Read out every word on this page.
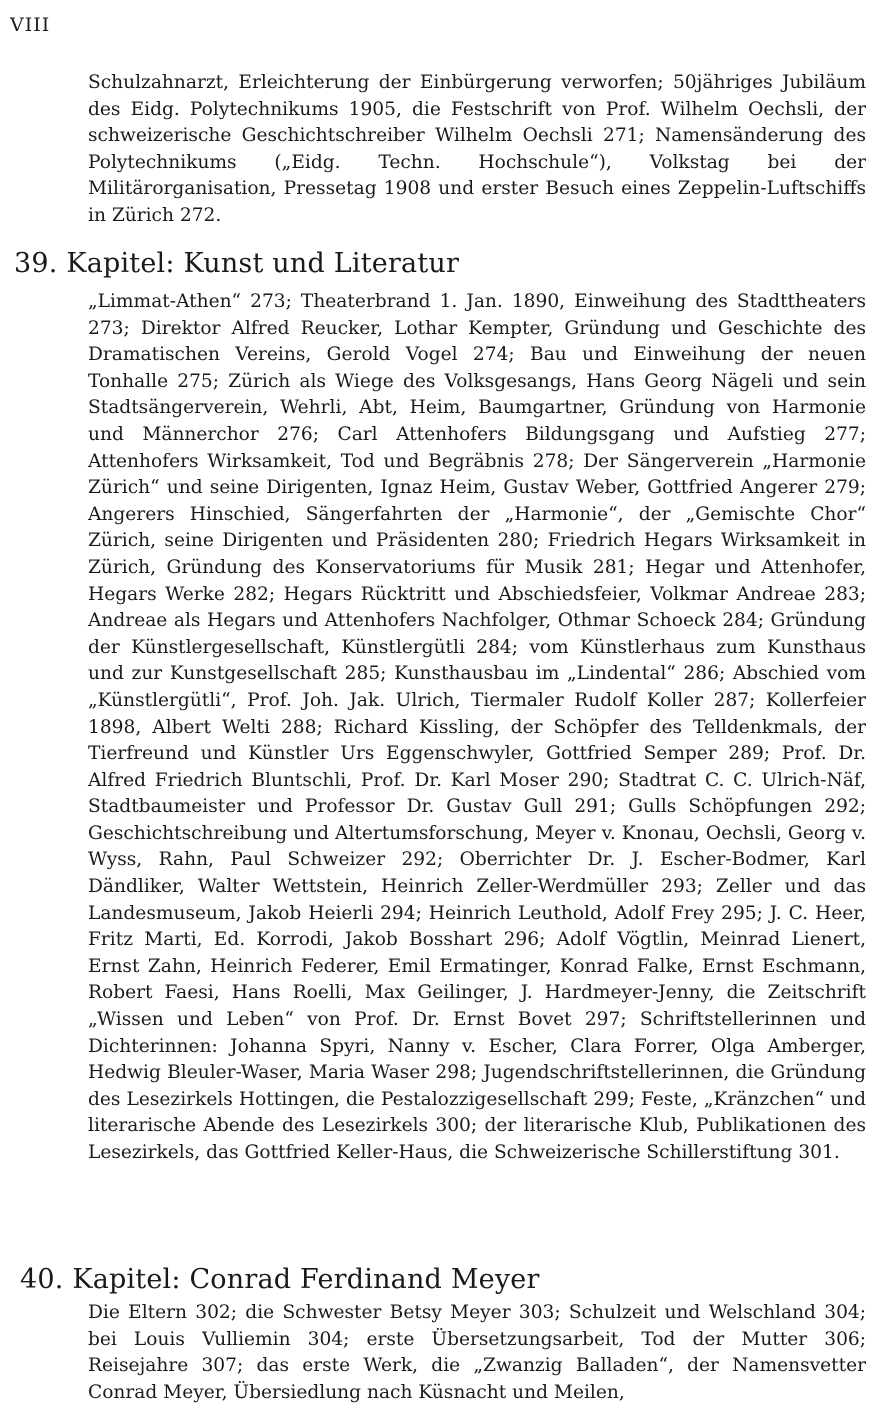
VIII

Schulzahnarzt, Erleichterung der Einbürgerung verworfen; 50jähriges Jubiläum des Eidg. Polytechnikums 1905, die Festschrift von Prof. Wilhelm Oechsli, der schweizerische Geschichtschreiber Wilhelm Oechsli 271; Namensänderung des Polytechnikums („Eidg. Techn. Hochschule“), Volkstag bei der Militärorganisation, Pressetag 1908 und erster Besuch eines Zeppelin-Luftschiffs in Zürich 272.

39. Kapitel: Kunst und Literatur

„Limmat-Athen“ 273; Theaterbrand 1. Jan. 1890, Einweihung des Stadttheaters 273; Direktor Alfred Reucker, Lothar Kempter, Gründung und Geschichte des Dramatischen Vereins, Gerold Vogel 274; Bau und Einweihung der neuen Tonhalle 275; Zürich als Wiege des Volksgesangs, Hans Georg Nägeli und sein Stadtsängerverein, Wehrli, Abt, Heim, Baumgartner, Gründung von Harmonie und Männerchor 276; Carl Attenhofers Bildungsgang und Aufstieg 277; Attenhofers Wirksamkeit, Tod und Begräbnis 278; Der Sängerverein „Harmonie Zürich“ und seine Dirigenten, Ignaz Heim, Gustav Weber, Gottfried Angerer 279; Angerers Hinschied, Sängerfahrten der „Harmonie“, der „Gemischte Chor“ Zürich, seine Dirigenten und Präsidenten 280; Friedrich Hegars Wirksamkeit in Zürich, Gründung des Konservatoriums für Musik 281; Hegar und Attenhofer, Hegars Werke 282; Hegars Rücktritt und Abschiedsfeier, Volkmar Andreae 283; Andreae als Hegars und Attenhofers Nachfolger, Othmar Schoeck 284; Gründung der Künstlergesellschaft, Künstlergütli 284; vom Künstlerhaus zum Kunsthaus und zur Kunstgesellschaft 285; Kunsthausbau im „Lindental“ 286; Abschied vom „Künstlergütli“, Prof. Joh. Jak. Ulrich, Tiermaler Rudolf Koller 287; Kollerfeier 1898, Albert Welti 288; Richard Kissling, der Schöpfer des Telldenkmals, der Tierfreund und Künstler Urs Eggenschwyler, Gottfried Semper 289; Prof. Dr. Alfred Friedrich Bluntschli, Prof. Dr. Karl Moser 290; Stadtrat C. C. Ulrich-Näf, Stadtbaumeister und Professor Dr. Gustav Gull 291; Gulls Schöpfungen 292; Geschichtschreibung und Altertumsforschung, Meyer v. Knonau, Oechsli, Georg v. Wyss, Rahn, Paul Schweizer 292; Oberrichter Dr. J. Escher-Bodmer, Karl Dändliker, Walter Wettstein, Heinrich Zeller-Werdmüller 293; Zeller und das Landesmuseum, Jakob Heierli 294; Heinrich Leuthold, Adolf Frey 295; J. C. Heer, Fritz Marti, Ed. Korrodi, Jakob Bosshart 296; Adolf Vögtlin, Meinrad Lienert, Ernst Zahn, Heinrich Federer, Emil Ermatinger, Konrad Falke, Ernst Eschmann, Robert Faesi, Hans Roelli, Max Geilinger, J. Hardmeyer-Jenny, die Zeitschrift „Wissen und Leben“ von Prof. Dr. Ernst Bovet 297; Schriftstellerinnen und Dichterinnen: Johanna Spyri, Nanny v. Escher, Clara Forrer, Olga Amberger, Hedwig Bleuler-Waser, Maria Waser 298; Jugendschriftstellerinnen, die Gründung des Lesezirkels Hottingen, die Pestalozzigesellschaft 299; Feste, „Kränzchen“ und literarische Abende des Lesezirkels 300; der literarische Klub, Publikationen des Lesezirkels, das Gottfried Keller-Haus, die Schweizerische Schillerstiftung 301.

40. Kapitel: Conrad Ferdinand Meyer

Die Eltern 302; die Schwester Betsy Meyer 303; Schulzeit und Welschland 304; bei Louis Vulliemin 304; erste Übersetzungsarbeit, Tod der Mutter 306; Reisejahre 307; das erste Werk, die „Zwanzig Balladen“, der Namensvetter Conrad Meyer, Übersiedlung nach Küsnacht und Meilen,
